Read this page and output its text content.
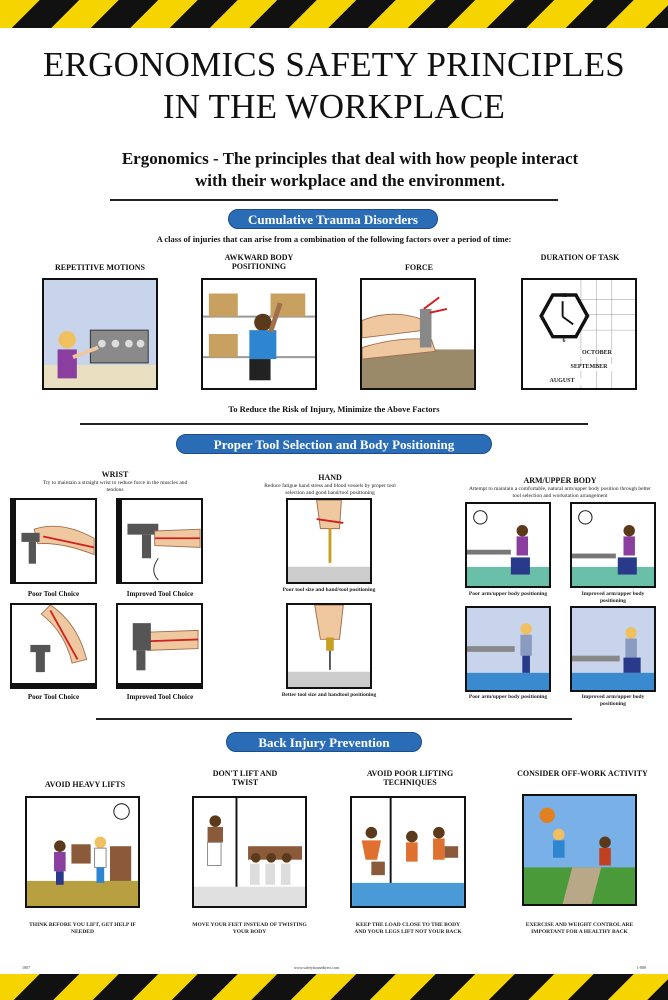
ERGONOMICS SAFETY PRINCIPLES
IN THE WORKPLACE
Ergonomics - The principles that deal with how people interact
with their workplace and the environment.
Cumulative Trauma Disorders
A class of injuries that can arise from a combination of the following factors over a period of time:
REPETITIVE MOTIONS
AWKWARD BODY POSITIONING	FORCE
DURATION OF TASK
12
3
6
9
OCTOBER
SEPTEMBER
AUGUST
To Reduce the Risk of Injury, Minimize the Above Factors
Proper Tool Selection and Body Positioning
WRIST
Try to maintain a straight wrist to reduce force in the muscles and tendons
HAND
Reduce fatigue hand stress and blood vessels by proper tool selection and good hand/tool positioning
ARM/UPPER BODY
Attempt to maintain a comfortable, natural arm/upper body position through better tool selection and workstation arrangement
Poor Tool Choice	Improved Tool Choice
Poor Tool Choice	Improved Tool Choice
Poor tool size and hand/tool positioning
Better tool size and handtool positioning
Poor arm/upper body positioning	Improved arm/upper body positioning
Poor arm/upper body positioning	Improved arm/upper body positioning
Back Injury Prevention
AVOID HEAVY LIFTS
DON'T LIFT AND TWIST
AVOID POOR LIFTING TECHNIQUES
CONSIDER OFF-WORK ACTIVITY
THINK BEFORE YOU LIFT, GET HELP IF NEEDED
MOVE YOUR FEET INSTEAD OF TWISTING YOUR BODY
KEEP THE LOAD CLOSE TO THE BODY AND YOUR LEGS LIFT NOT YOUR BACK
EXERCISE AND WEIGHT CONTROL ARE IMPORTANT FOR A HEALTHY BACK
1807	www.safetyhousedirect.com	1-888
